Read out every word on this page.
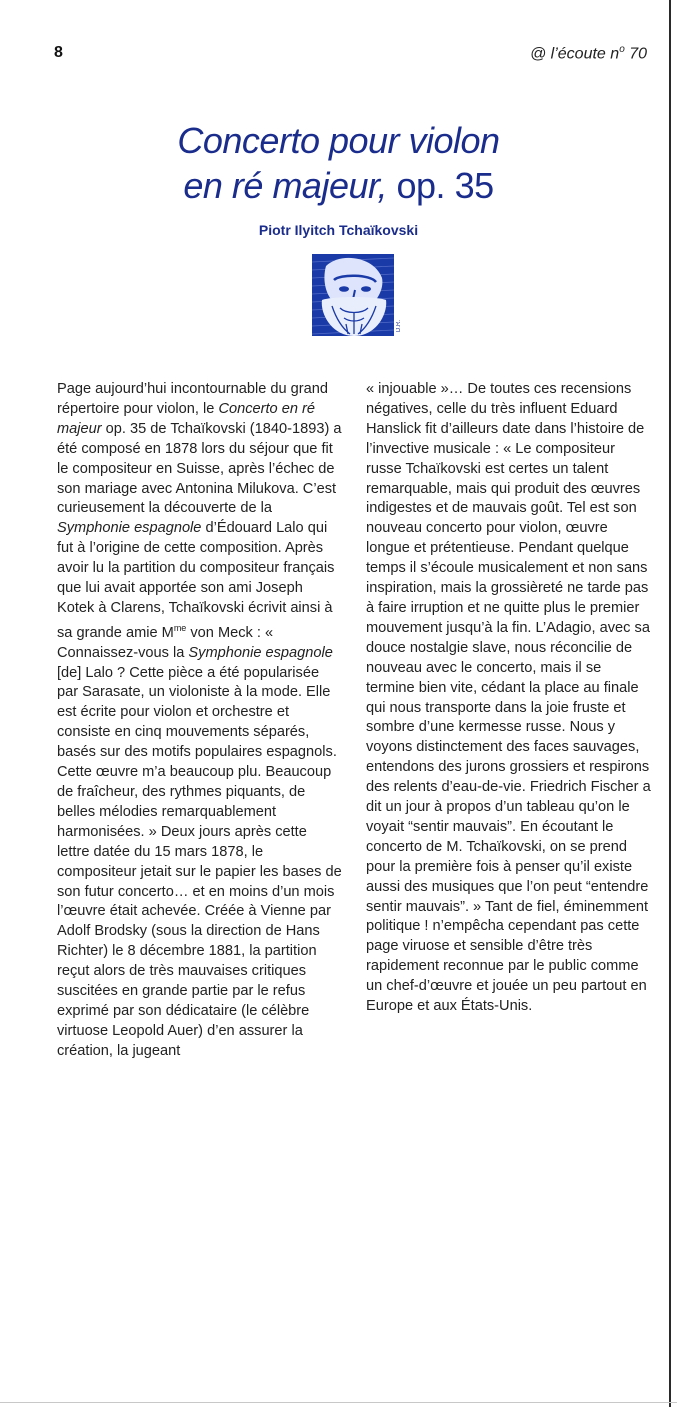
8	@ l’écoute $n^o$ 70
Concerto pour violon
en ré majeur, op. 35
Piotr Ilyitch Tchaïkovski
D.R.

Page aujourd’hui incontournable du grand répertoire pour violon, le Concerto en ré majeur op. 35 de Tchaïkovski (1840-1893) a été composé en 1878 lors du séjour que fit le compositeur en Suisse, après l’échec de son mariage avec Antonina Milukova. C’est curieusement la découverte de la Symphonie espagnole d’Édouard Lalo qui fut à l’origine de cette composition. Après avoir lu la partition du compositeur français que lui avait apportée son ami Joseph Kotek à Clarens, Tchaïkovski écrivit ainsi à sa grande amie $M^{me}$ von Meck : « Connaissez-vous la Symphonie espagnole [de] Lalo ? Cette pièce a été popularisée par Sarasate, un violoniste à la mode. Elle est écrite pour violon et orchestre et consiste en cinq mouvements séparés, basés sur des motifs populaires espagnols. Cette œuvre m’a beaucoup plu. Beaucoup de fraîcheur, des rythmes piquants, de belles mélodies remarquablement harmonisées. » Deux jours après cette lettre datée du 15 mars 1878, le compositeur jetait sur le papier les bases de son futur concerto… et en moins d’un mois l’œuvre était achevée. Créée à Vienne par Adolf Brodsky (sous la direction de Hans Richter) le 8 décembre 1881, la partition reçut alors de très mauvaises critiques suscitées en grande partie par le refus exprimé par son dédicataire (le célèbre virtuose Leopold Auer) d’en assurer la création, la jugeant

« injouable »… De toutes ces recensions négatives, celle du très influent Eduard Hanslick fit d’ailleurs date dans l’histoire de l’invective musicale : « Le compositeur russe Tchaïkovski est certes un talent remarquable, mais qui produit des œuvres indigestes et de mauvais goût. Tel est son nouveau concerto pour violon, œuvre longue et prétentieuse. Pendant quelque temps il s’écoule musicalement et non sans inspiration, mais la grossièreté ne tarde pas à faire irruption et ne quitte plus le premier mouvement jusqu’à la fin. L’Adagio, avec sa douce nostalgie slave, nous réconcilie de nouveau avec le concerto, mais il se termine bien vite, cédant la place au finale qui nous transporte dans la joie fruste et sombre d’une kermesse russe. Nous y voyons distinctement des faces sauvages, entendons des jurons grossiers et respirons des relents d’eau-de-vie. Friedrich Fischer a dit un jour à propos d’un tableau qu’on le voyait “sentir mauvais”. En écoutant le concerto de M. Tchaïkovski, on se prend pour la première fois à penser qu’il existe aussi des musiques que l’on peut “entendre sentir mauvais”. » Tant de fiel, éminemment politique ! n’empêcha cependant pas cette page viruose et sensible d’être très rapidement reconnue par le public comme un chef-d’œuvre et jouée un peu partout en Europe et aux États-Unis.
